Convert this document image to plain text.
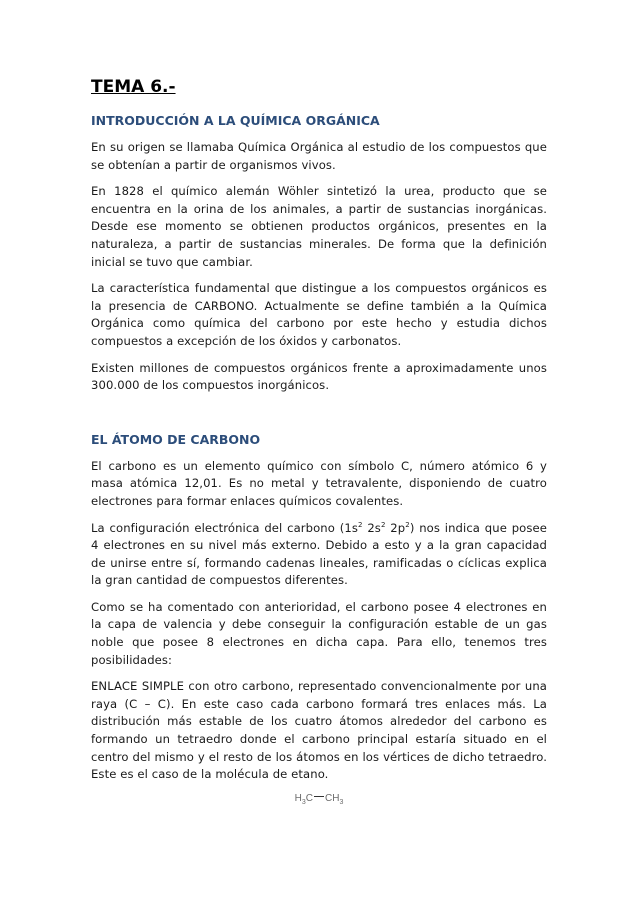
TEMA 6.-
INTRODUCCIÓN A LA QUÍMICA ORGÁNICA

En su origen se llamaba Química Orgánica al estudio de los compuestos que se obtenían a partir de organismos vivos.

En 1828 el químico alemán Wöhler sintetizó la urea, producto que se encuentra en la orina de los animales, a partir de sustancias inorgánicas. Desde ese momento se obtienen productos orgánicos, presentes en la naturaleza, a partir de sustancias minerales. De forma que la definición inicial se tuvo que cambiar.

La característica fundamental que distingue a los compuestos orgánicos es la presencia de CARBONO. Actualmente se define también a la Química Orgánica como química del carbono por este hecho y estudia dichos compuestos a excepción de los óxidos y carbonatos.

Existen millones de compuestos orgánicos frente a aproximadamente unos 300.000 de los compuestos inorgánicos.

EL ÁTOMO DE CARBONO

El carbono es un elemento químico con símbolo C, número atómico 6 y masa atómica 12,01. Es no metal y tetravalente, disponiendo de cuatro electrones para formar enlaces químicos covalentes.

La configuración electrónica del carbono ($1s^2$ $2s^2$ $2p^2$) nos indica que posee 4 electrones en su nivel más externo. Debido a esto y a la gran capacidad de unirse entre sí, formando cadenas lineales, ramificadas o cíclicas explica la gran cantidad de compuestos diferentes.

Como se ha comentado con anterioridad, el carbono posee 4 electrones en la capa de valencia y debe conseguir la configuración estable de un gas noble que posee 8 electrones en dicha capa. Para ello, tenemos tres posibilidades:

ENLACE SIMPLE con otro carbono, representado convencionalmente por una raya (C – C). En este caso cada carbono formará tres enlaces más. La distribución más estable de los cuatro átomos alrededor del carbono es formando un tetraedro donde el carbono principal estaría situado en el centro del mismo y el resto de los átomos en los vértices de dicho tetraedro. Este es el caso de la molécula de etano.

$H_3C$ $CH_3$
